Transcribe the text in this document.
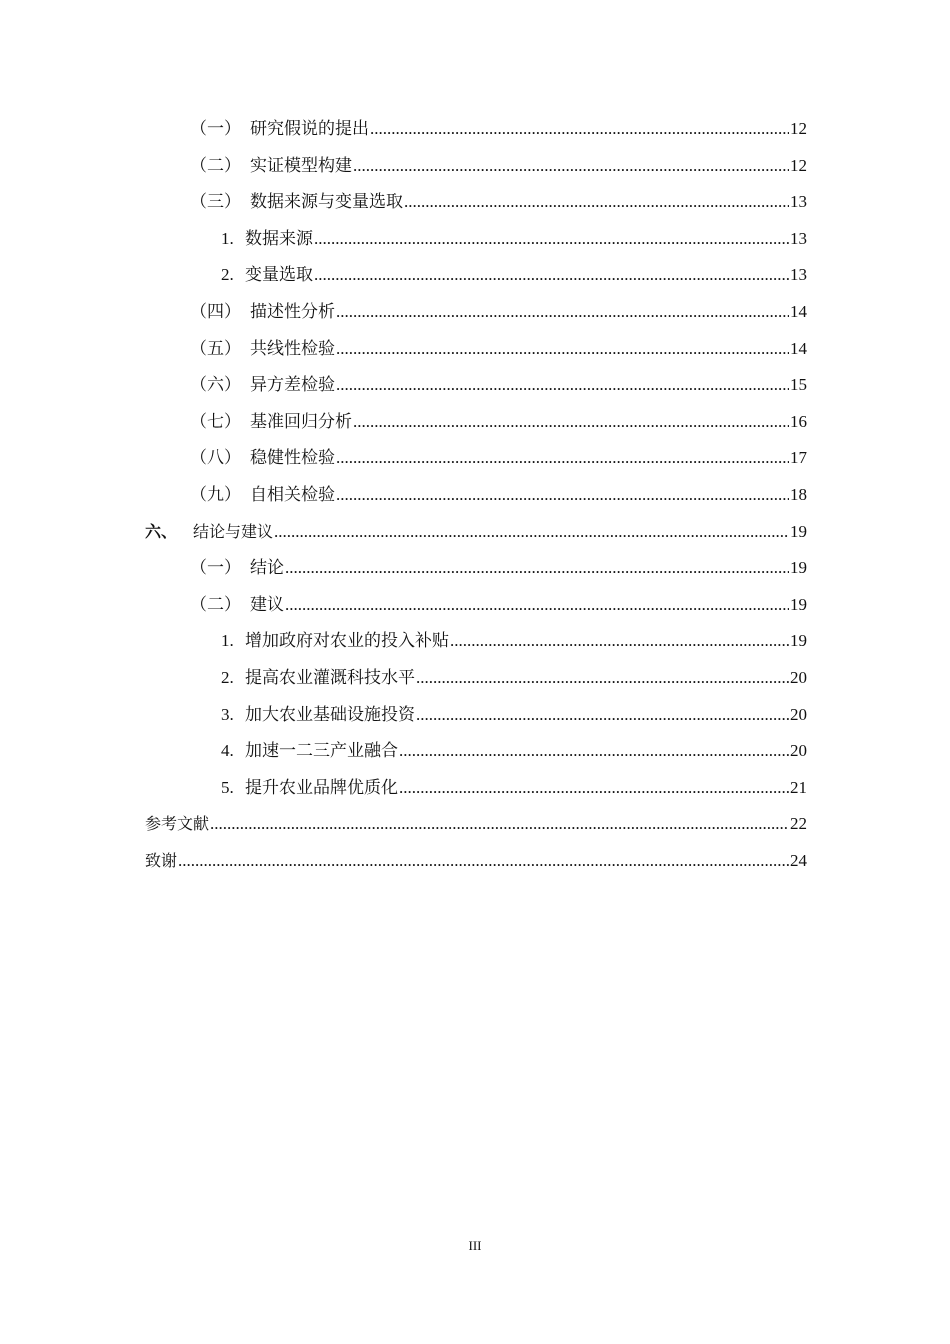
（一） 研究假说的提出 .....	12
（二） 实证模型构建 .....	12
（三） 数据来源与变量选取 .....	13
1. 数据来源 .....	13
2. 变量选取 .....	13
（四） 描述性分析 .....	14
（五） 共线性检验 .....	14
（六） 异方差检验 .....	15
（七） 基准回归分析 .....	16
（八） 稳健性检验 .....	17
（九） 自相关检验 .....	18
六、 结论与建议 .....	19
（一） 结论 .....	19
（二） 建议 .....	19
1. 增加政府对农业的投入补贴 .....	19
2. 提高农业灌溉科技水平 .....	20
3. 加大农业基础设施投资 .....	20
4. 加速一二三产业融合 .....	20
5. 提升农业品牌优质化 .....	21
参考文献 .....	22
致谢 .....	24
III
